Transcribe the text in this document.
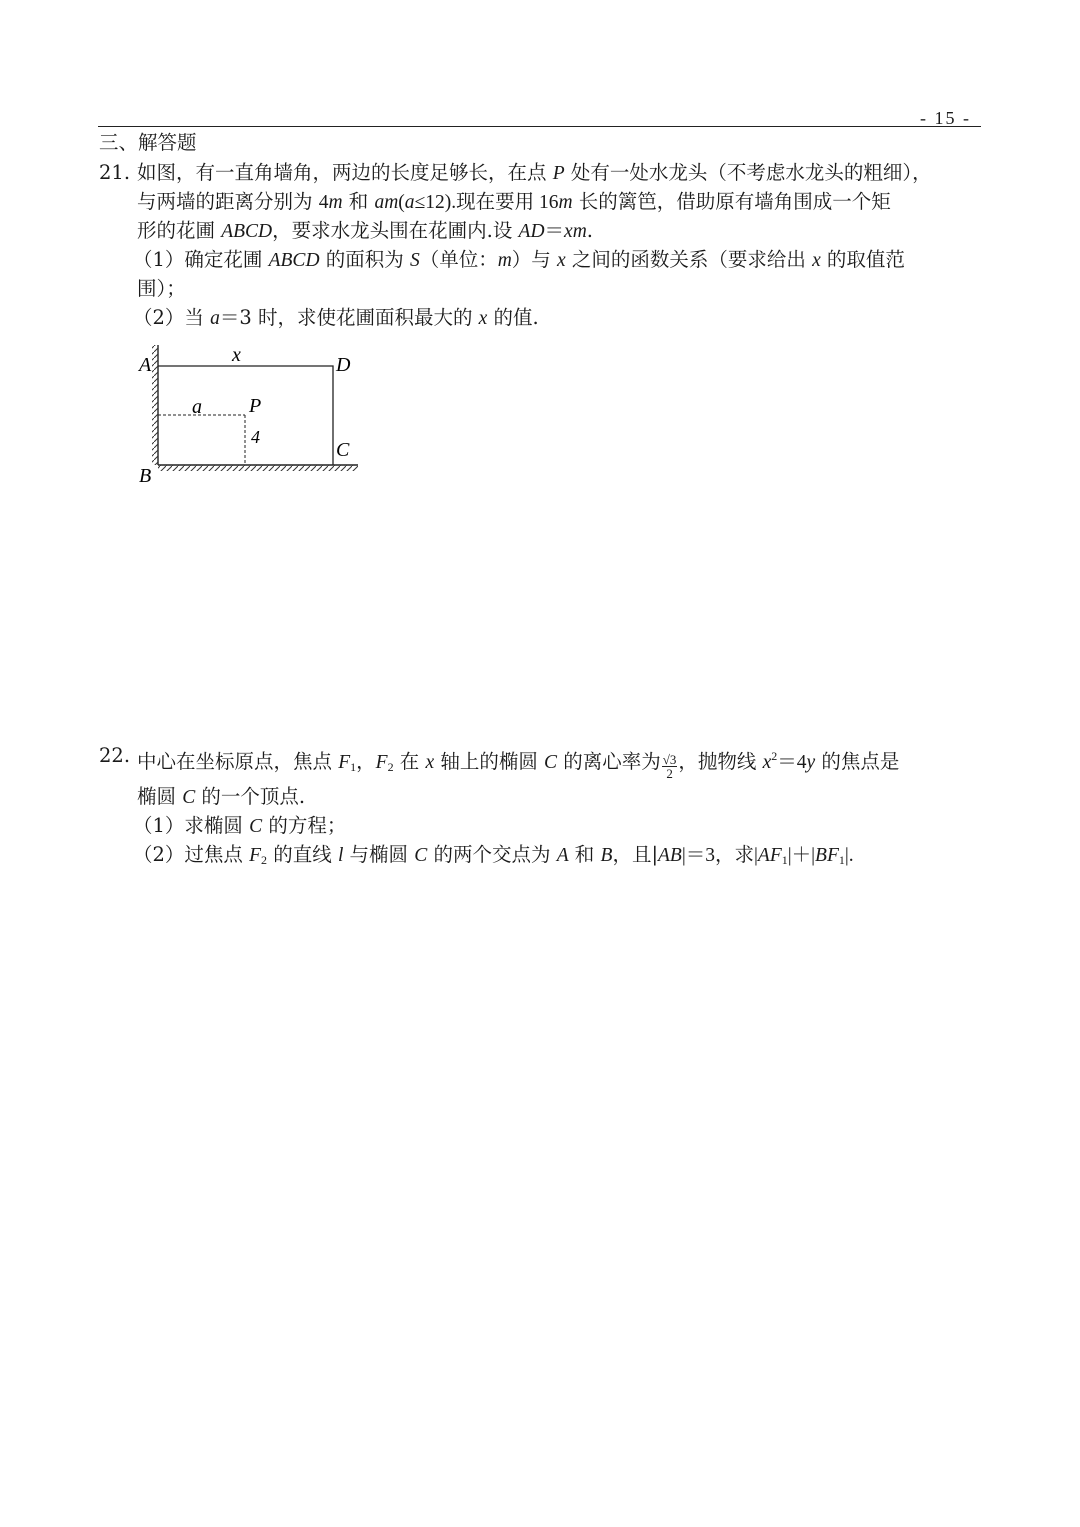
- 15 -
三、解答题
21. 如图，有一直角墙角，两边的长度足够长，在点 P 处有一处水龙头（不考虑水龙头的粗细），
与两墙的距离分别为 4m 和 am(a≤12).现在要用 16m 长的篱笆，借助原有墙角围成一个矩
形的花圃 ABCD，要求水龙头围在花圃内.设 AD＝xm.
（1）确定花圃 ABCD 的面积为 S（单位：m）与 x 之间的函数关系（要求给出 x 的取值范
围）；
（2）当 a＝3 时，求使花圃面积最大的 x 的值.
A	D
C
B
x
a P
4
22. 中心在坐标原点，焦点 $F_1$，$F_2$ 在 x 轴上的椭圆 C 的离心率为 $\frac{√3}{2}$ ，抛物线 $x^2=4y$ 的焦点是
椭圆 C 的一个顶点.
（1）求椭圆 C 的方程；
（2）过焦点 $F_2$ 的直线 l 与椭圆 C 的两个交点为 A 和 B，且|AB|＝3，求$|AF_1|+|BF_1|$.
